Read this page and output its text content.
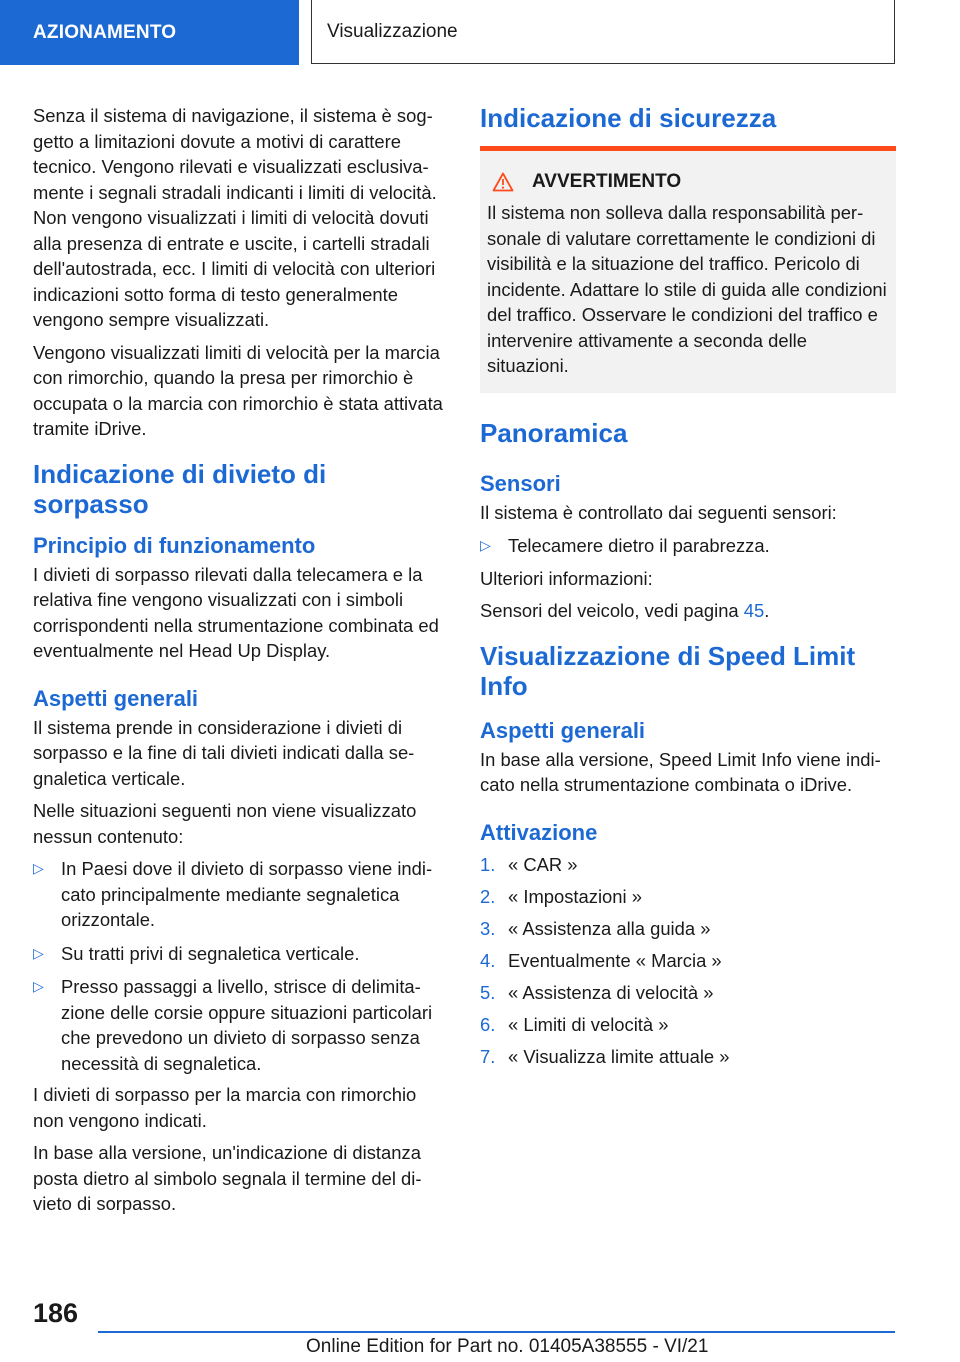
AZIONAMENTO	Visualizzazione

Senza il sistema di navigazione, il sistema è soggetto a limitazioni dovute a motivi di carattere tecnico. Vengono rilevati e visualizzati esclusivamente i segnali stradali indicanti i limiti di velocità. Non vengono visualizzati i limiti di velocità dovuti alla presenza di entrate e uscite, i cartelli stradali dell'autostrada, ecc. I limiti di velocità con ulteriori indicazioni sotto forma di testo generalmente vengono sempre visualizzati.

Vengono visualizzati limiti di velocità per la marcia con rimorchio, quando la presa per rimorchio è occupata o la marcia con rimorchio è stata attivata tramite iDrive.

Indicazione di divieto di sorpasso
Principio di funzionamento

I divieti di sorpasso rilevati dalla telecamera e la relativa fine vengono visualizzati con i simboli corrispondenti nella strumentazione combinata ed eventualmente nel Head Up Display.

Aspetti generali

Il sistema prende in considerazione i divieti di sorpasso e la fine di tali divieti indicati dalla segnaletica verticale.

Nelle situazioni seguenti non viene visualizzato nessun contenuto:

▷ In Paesi dove il divieto di sorpasso viene indicato principalmente mediante segnaletica orizzontale.
▷ Su tratti privi di segnaletica verticale.
▷ Presso passaggi a livello, strisce di delimitazione delle corsie oppure situazioni particolari che prevedono un divieto di sorpasso senza necessità di segnaletica.

I divieti di sorpasso per la marcia con rimorchio non vengono indicati.

In base alla versione, un'indicazione di distanza posta dietro al simbolo segnala il termine del divieto di sorpasso.

Indicazione di sicurezza
AVVERTIMENTO

Il sistema non solleva dalla responsabilità personale di valutare correttamente le condizioni di visibilità e la situazione del traffico. Pericolo di incidente. Adattare lo stile di guida alle condizioni del traffico. Osservare le condizioni del traffico e intervenire attivamente a seconda delle situazioni.

Panoramica
Sensori

Il sistema è controllato dai seguenti sensori:

▷ Telecamere dietro il parabrezza.

Ulteriori informazioni:

Sensori del veicolo, vedi pagina 45.

Visualizzazione di Speed Limit Info
Aspetti generali

In base alla versione, Speed Limit Info viene indicato nella strumentazione combinata o iDrive.

Attivazione
1. « CAR »
2. « Impostazioni »
3. « Assistenza alla guida »
4. Eventualmente « Marcia »
5. « Assistenza di velocità »
6. « Limiti di velocità »
7. « Visualizza limite attuale »
186
Online Edition for Part no. 01405A38555 - VI/21
